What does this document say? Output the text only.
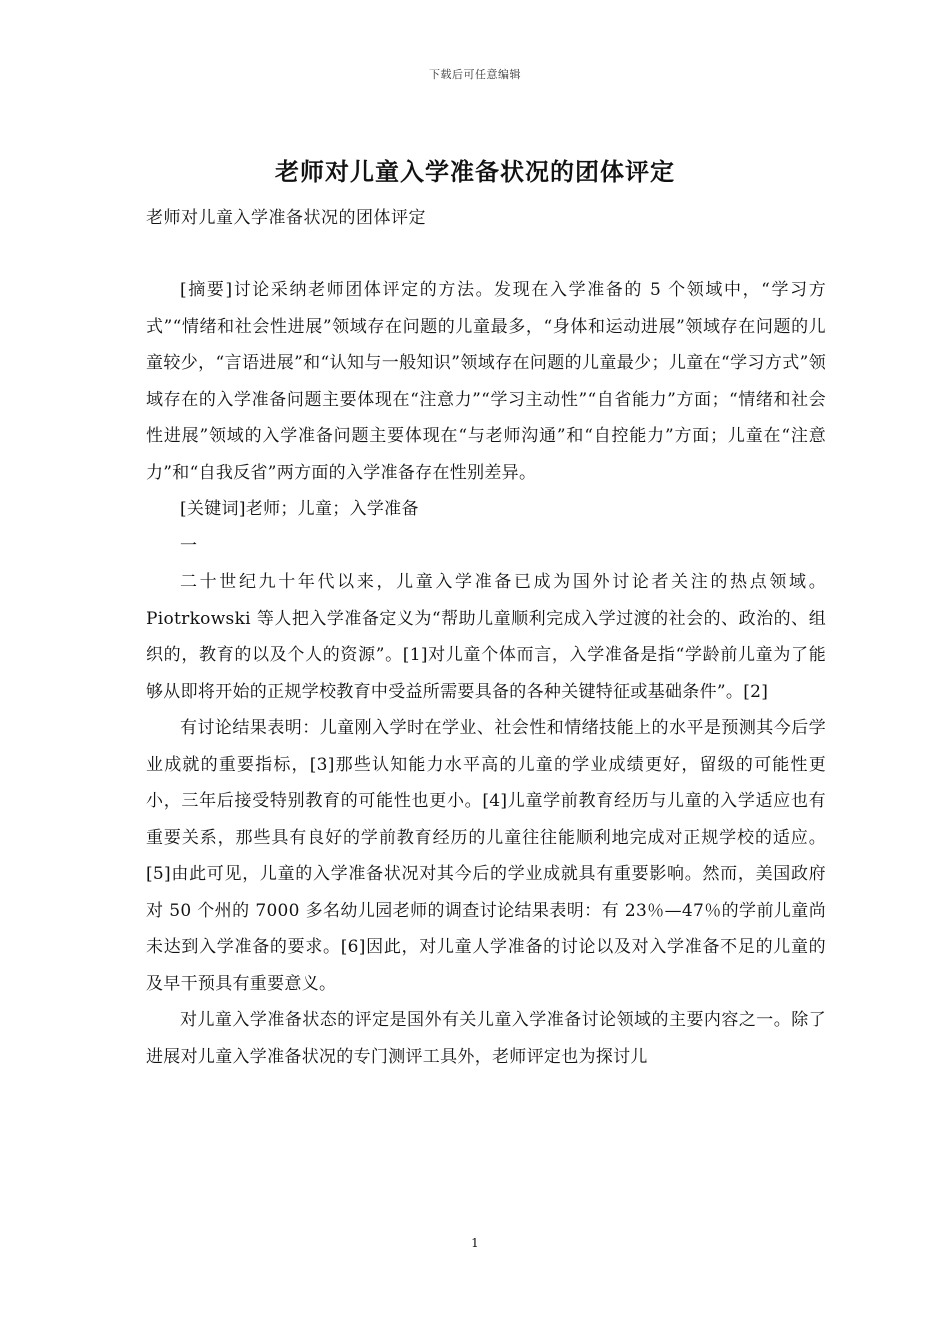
下载后可任意编辑
老师对儿童入学准备状况的团体评定
老师对儿童入学准备状况的团体评定

[摘要]讨论采纳老师团体评定的方法。发现在入学准备的 5 个领域中，“学习方式”“情绪和社会性进展”领域存在问题的儿童最多，“身体和运动进展”领域存在问题的儿童较少，“言语进展”和“认知与一般知识”领域存在问题的儿童最少；儿童在“学习方式”领域存在的入学准备问题主要体现在“注意力”“学习主动性”“自省能力”方面；“情绪和社会性进展”领域的入学准备问题主要体现在“与老师沟通”和“自控能力”方面；儿童在“注意力”和“自我反省”两方面的入学准备存在性别差异。

[关键词]老师；儿童；入学准备

一

二十世纪九十年代以来，儿童入学准备已成为国外讨论者关注的热点领域。Piotrkowski 等人把入学准备定义为“帮助儿童顺利完成入学过渡的社会的、政治的、组织的，教育的以及个人的资源”。[1]对儿童个体而言，入学准备是指“学龄前儿童为了能够从即将开始的正规学校教育中受益所需要具备的各种关键特征或基础条件”。[2]

有讨论结果表明：儿童刚入学时在学业、社会性和情绪技能上的水平是预测其今后学业成就的重要指标，[3]那些认知能力水平高的儿童的学业成绩更好，留级的可能性更小，三年后接受特别教育的可能性也更小。[4]儿童学前教育经历与儿童的入学适应也有重要关系，那些具有良好的学前教育经历的儿童往往能顺利地完成对正规学校的适应。[5]由此可见，儿童的入学准备状况对其今后的学业成就具有重要影响。然而，美国政府对 50 个州的 7000 多名幼儿园老师的调查讨论结果表明：有 23％—47％的学前儿童尚未达到入学准备的要求。[6]因此，对儿童人学准备的讨论以及对入学准备不足的儿童的及早干预具有重要意义。

对儿童入学准备状态的评定是国外有关儿童入学准备讨论领域的主要内容之一。除了进展对儿童入学准备状况的专门测评工具外，老师评定也为探讨儿

1
